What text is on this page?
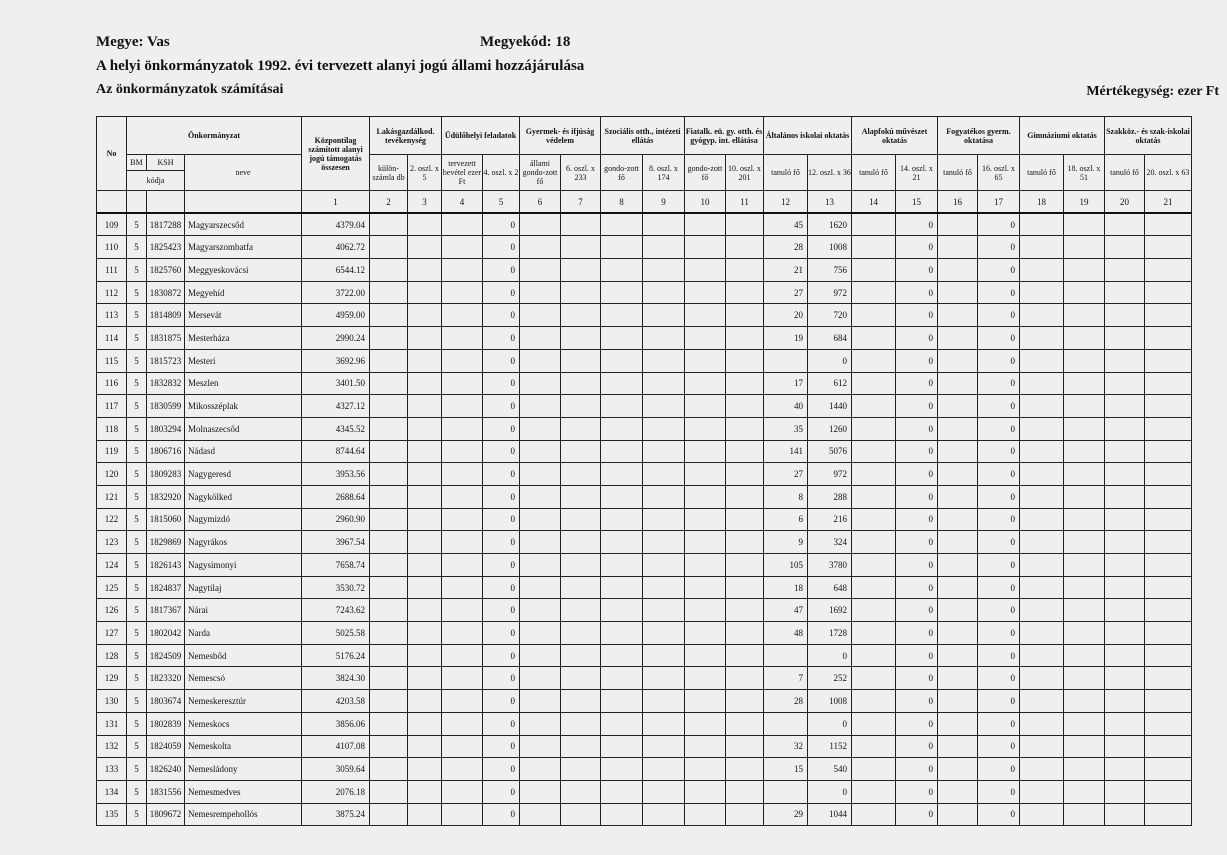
Megye: Vas	Megyekód: 18
A helyi önkormányzatok 1992. évi tervezett alanyi jogú állami hozzájárulása
Az önkormányzatok számításai	Mértékegység: ezer Ft
No	Önkormányzat			Központilag számított alanyi jogú támogatás összesen	Lakásgazdálkod. tevékenység		Üdülőhelyi feladatok		Gyermek- és ifjúság védelem		Szociális otth., intézeti ellátás		Fiatalk. eü. gy. otth. és gyógyp. int. ellátása		Általános iskolai oktatás		Alapfokú művészet oktatás		Fogyatékos gyerm. oktatása		Gimnáziumi oktatás		Szakköz.- és szak-iskolai oktatás	
	BM	KSH	neve		külön-számla db	2. oszl. x 5	tervezett bevétel ezer Ft	4. oszl. x 2	állami gondo-zott fő	6. oszl. x 233	gondo-zott fő	8. oszl. x 174	gondo-zott fő	10. oszl. x 201	tanuló fő	12. oszl. x 36	tanuló fő	14. oszl. x 21	tanuló fő	16. oszl. x 65	tanuló fő	18. oszl. x 51	tanuló fő	20. oszl. x 63
	kódja																							
				1	2	3	4	5	6	7	8	9	10	11	12	13	14	15	16	17	18	19	20	21
109	5	1817288	Magyarszecsőd	4379.04				0							45	1620		0		0				
110	5	1825423	Magyarszombatfa	4062.72				0							28	1008		0		0				
111	5	1825760	Meggyeskovácsi	6544.12				0							21	756		0		0				
112	5	1830872	Megyehíd	3722.00				0							27	972		0		0				
113	5	1814809	Mersevát	4959.00				0							20	720		0		0				
114	5	1831875	Mesterháza	2990.24				0							19	684		0		0				
115	5	1815723	Mesteri	3692.96				0								0		0		0				
116	5	1832832	Meszlen	3401.50				0							17	612		0		0				
117	5	1830599	Mikosszéplak	4327.12				0							40	1440		0		0				
118	5	1803294	Molnaszecsőd	4345.52				0							35	1260		0		0				
119	5	1806716	Nádasd	8744.64				0							141	5076		0		0				
120	5	1809283	Nagygeresd	3953.56				0							27	972		0		0				
121	5	1832920	Nagykölked	2688.64				0							8	288		0		0				
122	5	1815060	Nagymizdó	2960.90				0							6	216		0		0				
123	5	1829869	Nagyrákos	3967.54				0							9	324		0		0				
124	5	1826143	Nagysimonyi	7658.74				0							105	3780		0		0				
125	5	1824837	Nagytilaj	3530.72				0							18	648		0		0				
126	5	1817367	Nárai	7243.62				0							47	1692		0		0				
127	5	1802042	Narda	5025.58				0							48	1728		0		0				
128	5	1824509	Nemesbőd	5176.24				0								0		0		0				
129	5	1823320	Nemescsó	3824.30				0							7	252		0		0				
130	5	1803674	Nemeskeresztúr	4203.58				0							28	1008		0		0				
131	5	1802839	Nemeskocs	3856.06				0								0		0		0				
132	5	1824059	Nemeskolta	4107.08				0							32	1152		0		0				
133	5	1826240	Nemesládony	3059.64				0							15	540		0		0				
134	5	1831556	Nemesmedves	2076.18				0								0		0		0				
135	5	1809672	Nemesrempehollós	3875.24				0							29	1044		0		0				
